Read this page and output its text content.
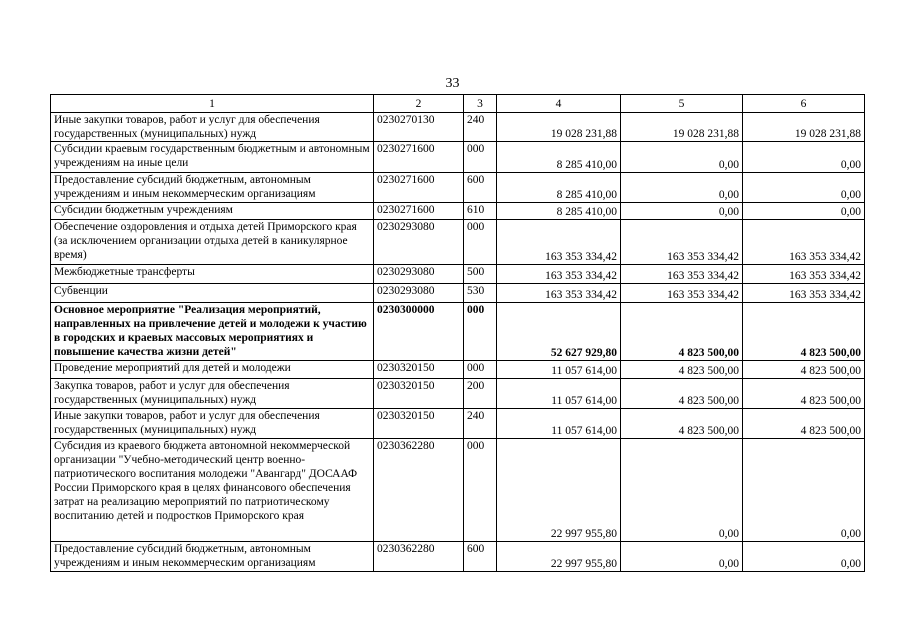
33
1	2	3	4	5	6
Иные закупки товаров, работ и услуг для обеспечения государственных (муниципальных) нужд	0230270130	240	19 028 231,88	19 028 231,88	19 028 231,88
Субсидии краевым государственным бюджетным и автономным учреждениям на иные цели	0230271600	000	8 285 410,00	0,00	0,00
Предоставление субсидий бюджетным, автономным учреждениям и иным некоммерческим организациям	0230271600	600	8 285 410,00	0,00	0,00
Субсидии бюджетным учреждениям	0230271600	610	8 285 410,00	0,00	0,00
Обеспечение оздоровления и отдыха детей Приморского края (за исключением организации отдыха детей в каникулярное время)	0230293080	000	163 353 334,42	163 353 334,42	163 353 334,42
Межбюджетные трансферты	0230293080	500	163 353 334,42	163 353 334,42	163 353 334,42
Субвенции	0230293080	530	163 353 334,42	163 353 334,42	163 353 334,42
Основное мероприятие "Реализация мероприятий, направленных на привлечение детей и молодежи к участию в городских и краевых массовых мероприятиях и повышение качества жизни детей"	0230300000	000	52 627 929,80	4 823 500,00	4 823 500,00
Проведение мероприятий для детей и молодежи	0230320150	000	11 057 614,00	4 823 500,00	4 823 500,00
Закупка товаров, работ и услуг для обеспечения государственных (муниципальных) нужд	0230320150	200	11 057 614,00	4 823 500,00	4 823 500,00
Иные закупки товаров, работ и услуг для обеспечения государственных (муниципальных) нужд	0230320150	240	11 057 614,00	4 823 500,00	4 823 500,00
Субсидия из краевого бюджета автономной некоммерческой организации "Учебно-методический центр военно-патриотического воспитания молодежи "Авангард" ДОСААФ России Приморского края в целях финансового обеспечения затрат на реализацию мероприятий по патриотическому воспитанию детей и подростков Приморского края	0230362280	000	22 997 955,80	0,00	0,00
Предоставление субсидий бюджетным, автономным учреждениям и иным некоммерческим организациям	0230362280	600	22 997 955,80	0,00	0,00
